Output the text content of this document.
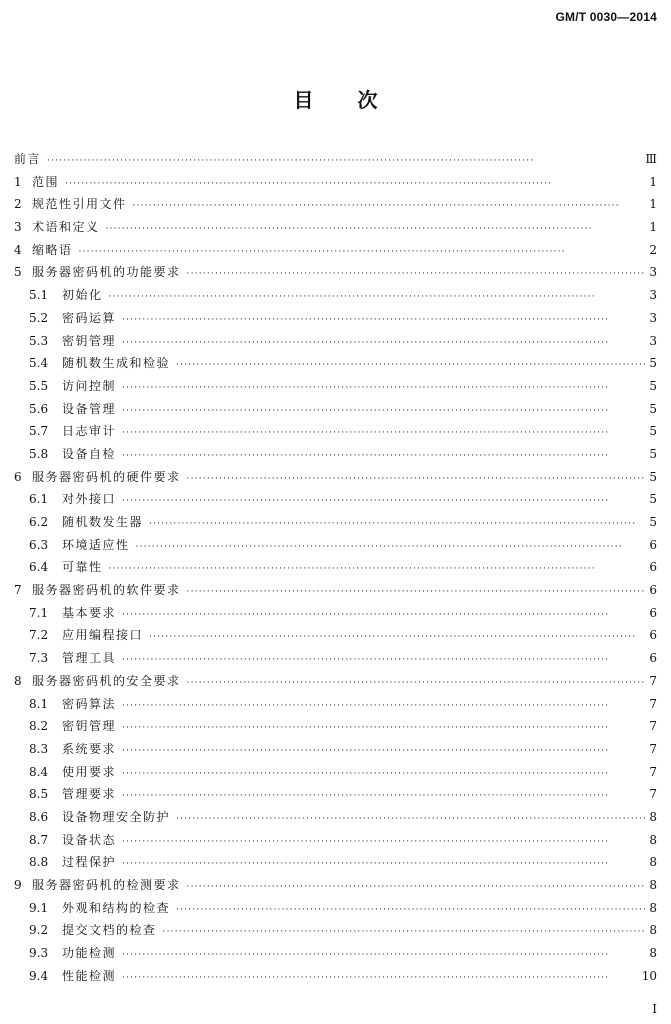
GM/T 0030—2014
目次
前言 ·····	Ⅲ
1 范围 ·····	1
2 规范性引用文件 ·····	1
3 术语和定义 ·····	1
4 缩略语 ·····	2
5 服务器密码机的功能要求 ·····	3
5.1	初始化 ·····	3
5.2	密码运算 ·····	3
5.3	密钥管理 ·····	3
5.4	随机数生成和检验 ·····	5
5.5	访问控制 ·····	5
5.6	设备管理 ·····	5
5.7	日志审计 ·····	5
5.8	设备自检 ·····	5
6 服务器密码机的硬件要求 ·····	5
6.1	对外接口 ·····	5
6.2	随机数发生器 ·····	5
6.3	环境适应性 ·····	6
6.4	可靠性 ·····	6
7 服务器密码机的软件要求 ·····	6
7.1	基本要求 ·····	6
7.2	应用编程接口 ·····	6
7.3	管理工具 ·····	6
8 服务器密码机的安全要求 ·····	7
8.1	密码算法 ·····	7
8.2	密钥管理 ·····	7
8.3	系统要求 ·····	7
8.4	使用要求 ·····	7
8.5	管理要求 ·····	7
8.6	设备物理安全防护 ·····	8
8.7	设备状态 ·····	8
8.8	过程保护 ·····	8
9 服务器密码机的检测要求 ·····	8
9.1	外观和结构的检查 ·····	8
9.2	提交文档的检查 ·····	8
9.3	功能检测 ·····	8
9.4	性能检测 ·····	10
I
